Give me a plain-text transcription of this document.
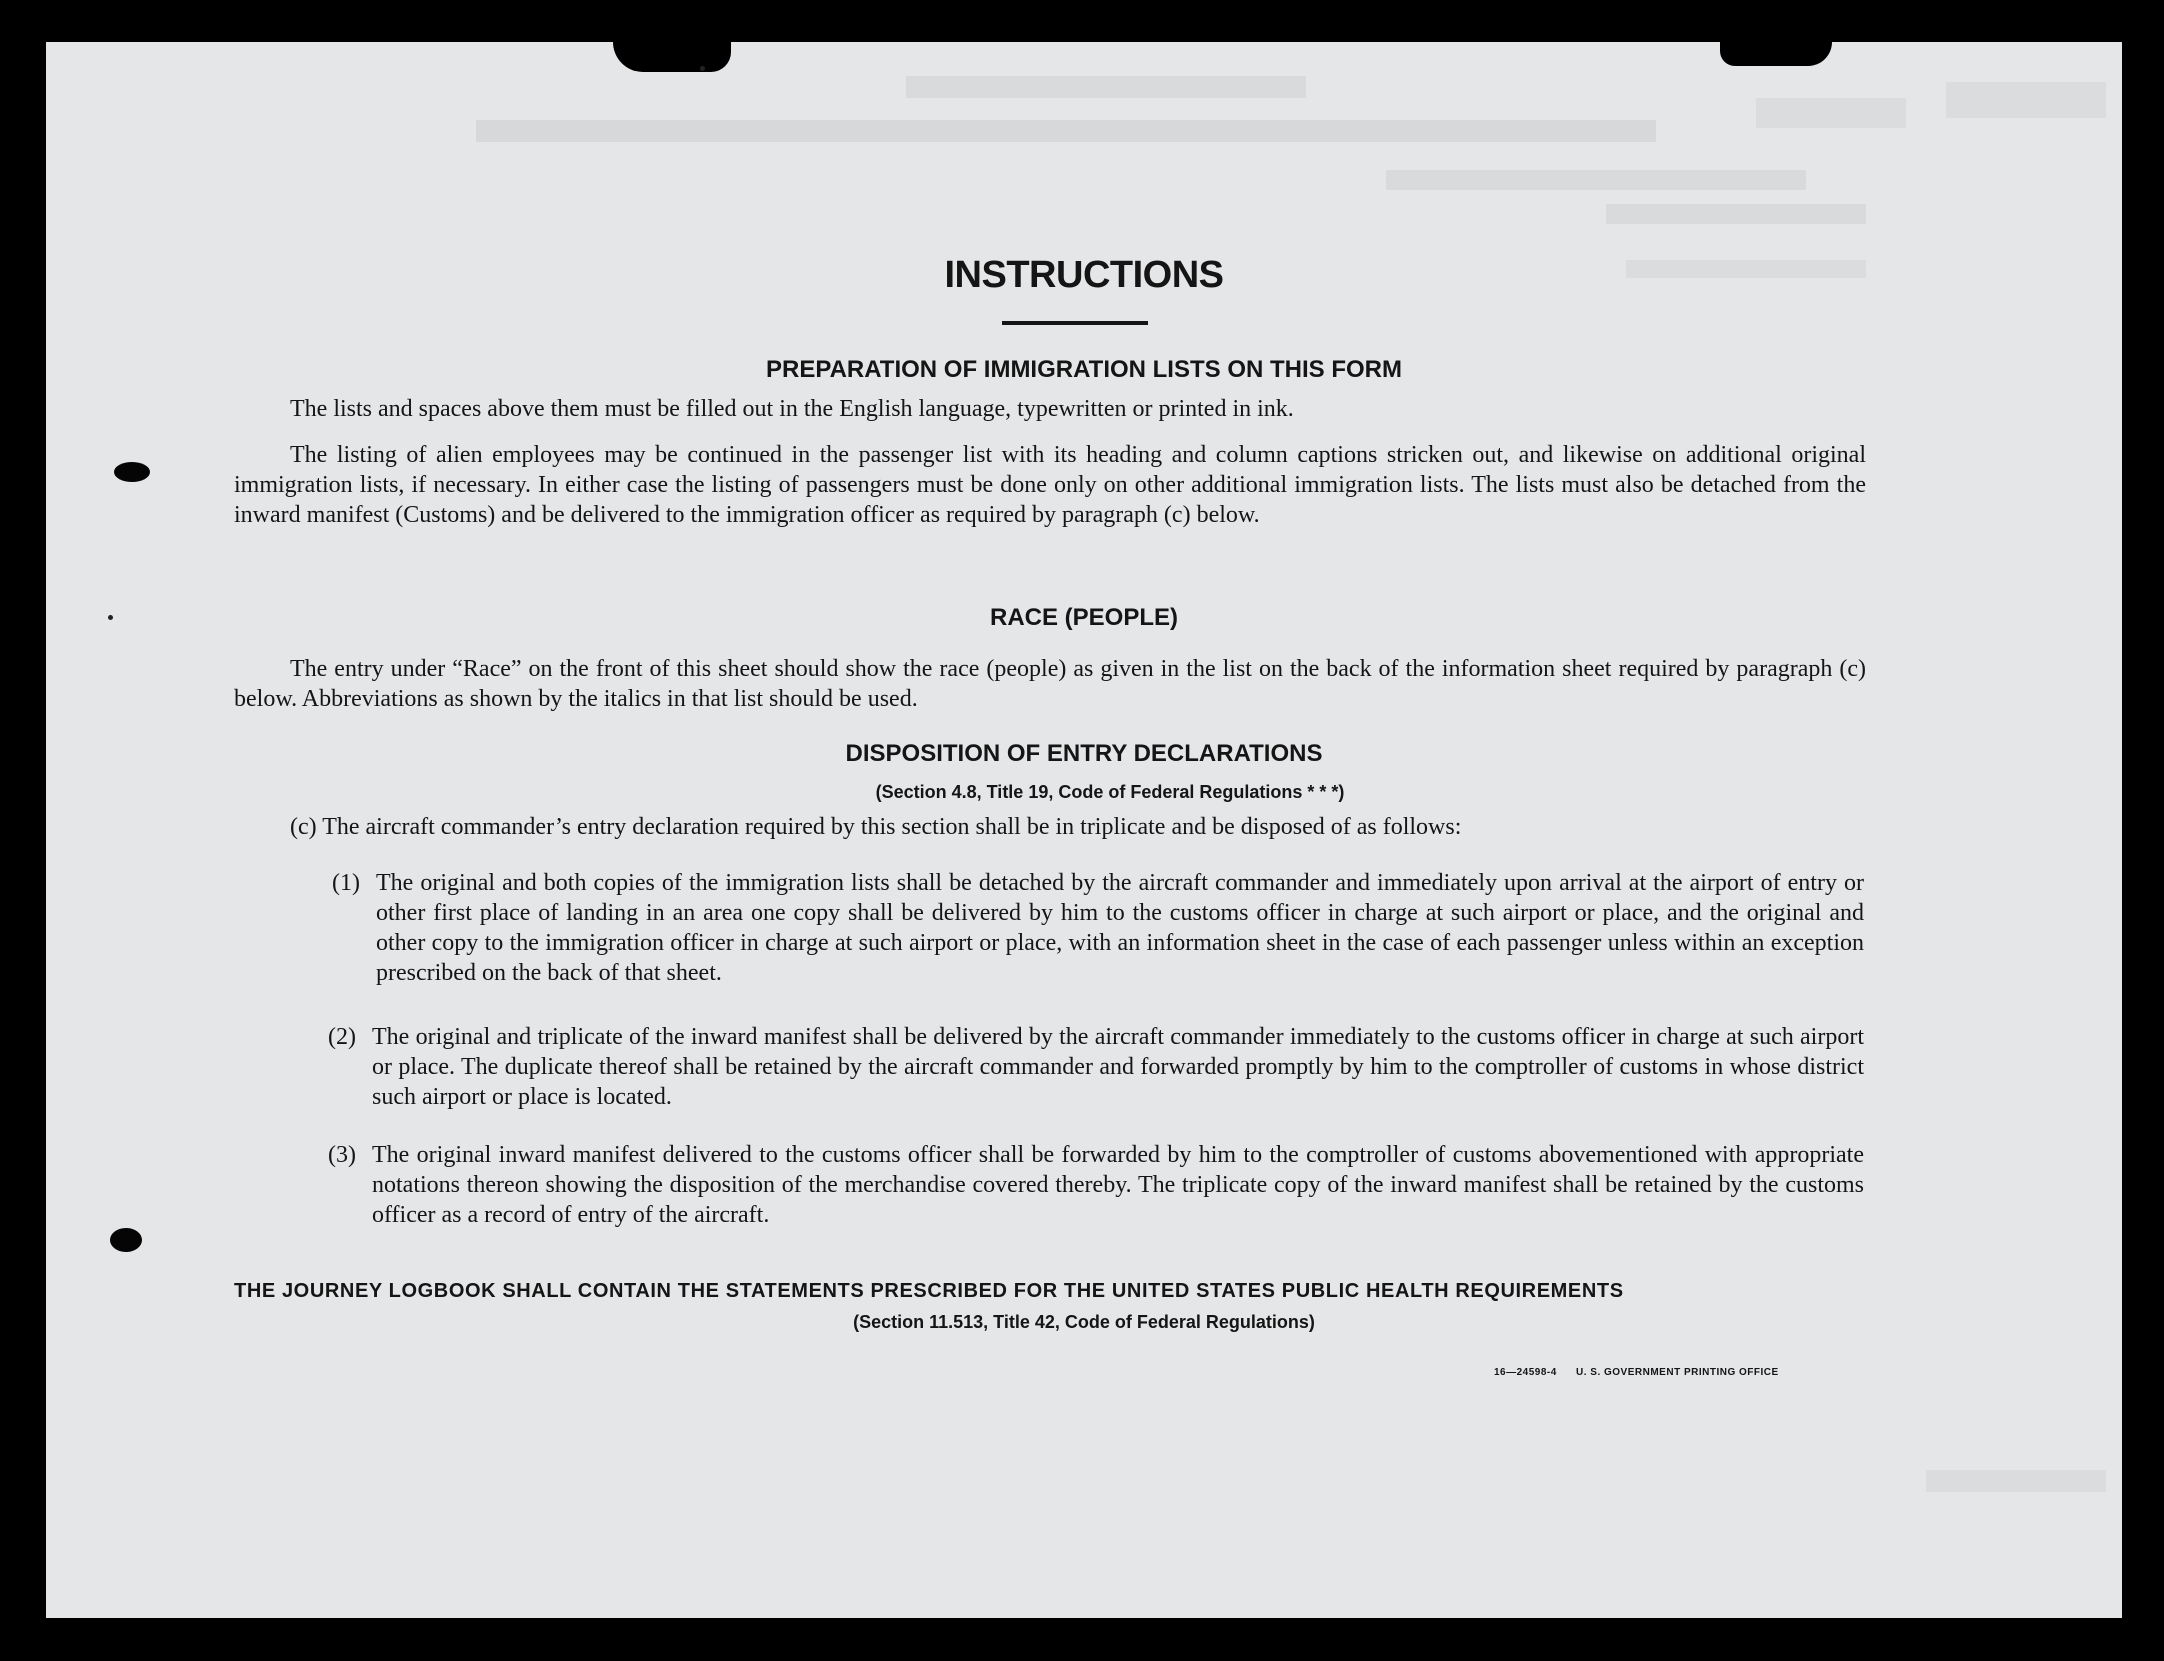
INSTRUCTIONS
PREPARATION OF IMMIGRATION LISTS ON THIS FORM
The lists and spaces above them must be filled out in the English language, typewritten or printed in ink.
The listing of alien employees may be continued in the passenger list with its heading and column captions stricken out, and likewise on additional original immigration lists, if necessary. In either case the listing of passengers must be done only on other additional immigration lists. The lists must also be detached from the inward manifest (Customs) and be delivered to the immigration officer as required by paragraph (c) below.
RACE (PEOPLE)
The entry under “Race” on the front of this sheet should show the race (people) as given in the list on the back of the information sheet required by paragraph (c) below. Abbreviations as shown by the italics in that list should be used.
DISPOSITION OF ENTRY DECLARATIONS
(Section 4.8, Title 19, Code of Federal Regulations * * *)
(c) The aircraft commander’s entry declaration required by this section shall be in triplicate and be disposed of as follows:
(1) The original and both copies of the immigration lists shall be detached by the aircraft commander and immediately upon arrival at the airport of entry or other first place of landing in an area one copy shall be delivered by him to the customs officer in charge at such airport or place, and the original and other copy to the immigration officer in charge at such airport or place, with an information sheet in the case of each passenger unless within an exception prescribed on the back of that sheet.
(2) The original and triplicate of the inward manifest shall be delivered by the aircraft commander immediately to the customs officer in charge at such airport or place. The duplicate thereof shall be retained by the aircraft commander and forwarded promptly by him to the comptroller of customs in whose district such airport or place is located.
(3) The original inward manifest delivered to the customs officer shall be forwarded by him to the comptroller of customs abovementioned with appropriate notations thereon showing the disposition of the merchandise covered thereby. The triplicate copy of the inward manifest shall be retained by the customs officer as a record of entry of the aircraft.
THE JOURNEY LOGBOOK SHALL CONTAIN THE STATEMENTS PRESCRIBED FOR THE UNITED STATES PUBLIC HEALTH REQUIREMENTS
(Section 11.513, Title 42, Code of Federal Regulations)
16—24598-4 U. S. GOVERNMENT PRINTING OFFICE
